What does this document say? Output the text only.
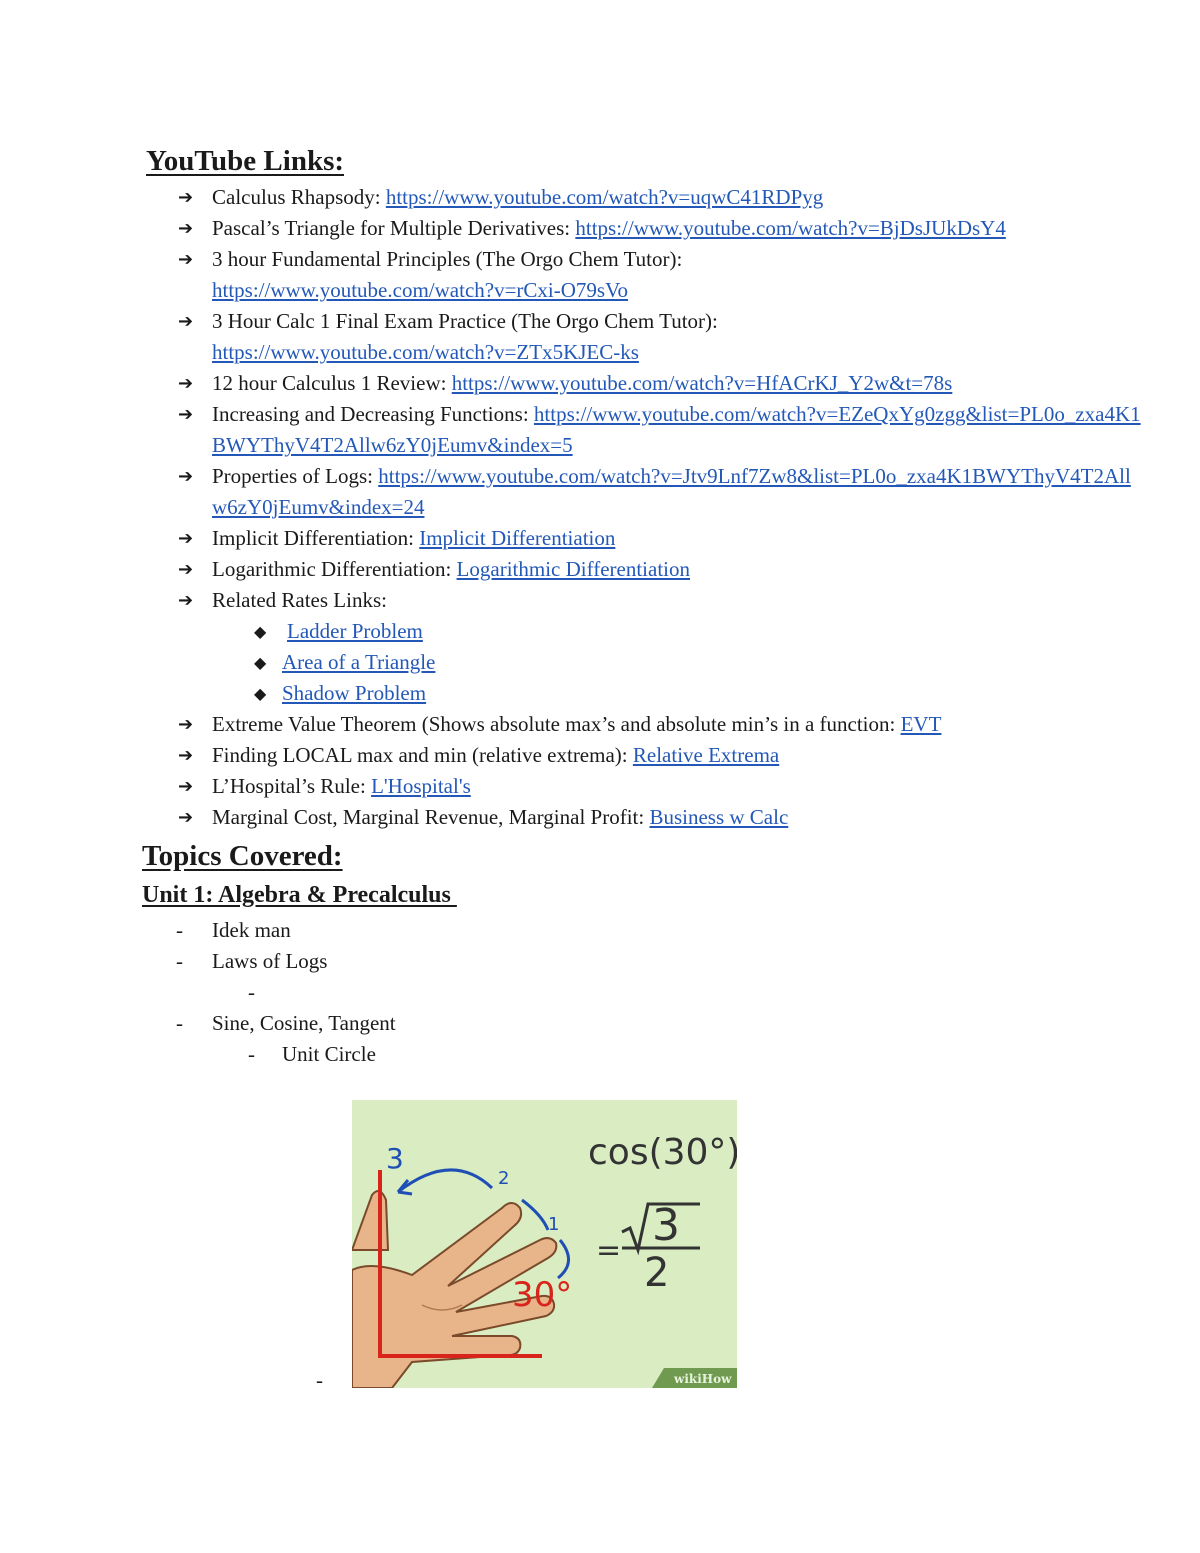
YouTube Links:
➔ Calculus Rhapsody: https://www.youtube.com/watch?v=uqwC41RDPyg
➔ Pascal’s Triangle for Multiple Derivatives: https://www.youtube.com/watch?v=BjDsJUkDsY4
➔ 3 hour Fundamental Principles (The Orgo Chem Tutor):
https://www.youtube.com/watch?v=rCxi-O79sVo
➔ 3 Hour Calc 1 Final Exam Practice (The Orgo Chem Tutor):
https://www.youtube.com/watch?v=ZTx5KJEC-ks
➔ 12 hour Calculus 1 Review: https://www.youtube.com/watch?v=HfACrKJ_Y2w&t=78s
➔ Increasing and Decreasing Functions: https://www.youtube.com/watch?v=EZeQxYg0zgg&list=PL0o_zxa4K1BWYThyV4T2Allw6zY0jEumv&index=5
➔ Properties of Logs: https://www.youtube.com/watch?v=Jtv9Lnf7Zw8&list=PL0o_zxa4K1BWYThyV4T2Allw6zY0jEumv&index=24
➔ Implicit Differentiation: Implicit Differentiation
➔ Logarithmic Differentiation: Logarithmic Differentiation
➔ Related Rates Links:
◆ Ladder Problem
◆ Area of a Triangle
◆ Shadow Problem
➔ Extreme Value Theorem (Shows absolute max’s and absolute min’s in a function: EVT
➔ Finding LOCAL max and min (relative extrema): Relative Extrema
➔ L’Hospital’s Rule: L'Hospital's
➔ Marginal Cost, Marginal Revenue, Marginal Profit: Business w Calc
Topics Covered:
Unit 1: Algebra & Precalculus
- Idek man
- Laws of Logs
-

- Sine, Cosine, Tangent
- Unit Circle
-
3
2
1
30°
cos(30°)
= 3
2
wikiHow
